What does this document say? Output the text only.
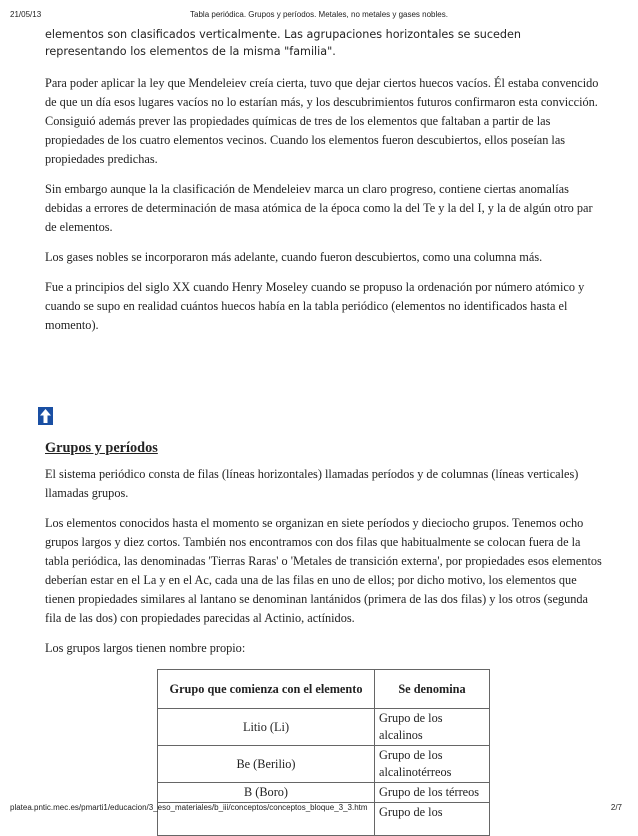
21/05/13	Tabla periódica. Grupos y períodos. Metales, no metales y gases nobles.

elementos son clasificados verticalmente. Las agrupaciones horizontales se suceden representando los elementos de la misma "familia".

Para poder aplicar la ley que Mendeleiev creía cierta, tuvo que dejar ciertos huecos vacíos. Él estaba convencido de que un día esos lugares vacíos no lo estarían más, y los descubrimientos futuros confirmaron esta convicción. Consiguió además prever las propiedades químicas de tres de los elementos que faltaban a partir de las propiedades de los cuatro elementos vecinos. Cuando los elementos fueron descubiertos, ellos poseían las propiedades predichas.

Sin embargo aunque la la clasificación de Mendeleiev marca un claro progreso, contiene ciertas anomalías debidas a errores de determinación de masa atómica de la época como la del Te y la del I, y la de algún otro par de elementos.

Los gases nobles se incorporaron más adelante, cuando fueron descubiertos, como una columna más.

Fue a principios del siglo XX cuando Henry Moseley cuando se propuso la ordenación por número atómico y cuando se supo en realidad cuántos huecos había en la tabla periódico (elementos no identificados hasta el momento).

Grupos y períodos

El sistema periódico consta de filas (líneas horizontales) llamadas períodos y de columnas (líneas verticales) llamadas grupos.

Los elementos conocidos hasta el momento se organizan en siete períodos y dieciocho grupos. Tenemos ocho grupos largos y diez cortos. También nos encontramos con dos filas que habitualmente se colocan fuera de la tabla periódica, las denominadas 'Tierras Raras' o 'Metales de transición externa', por propiedades esos elementos deberían estar en el La y en el Ac, cada una de las filas en uno de ellos; por dicho motivo, los elementos que tienen propiedades similares al lantano se denominan lantánidos (primera de las dos filas) y los otros (segunda fila de las dos) con propiedades parecidas al Actinio, actínidos.

Los grupos largos tienen nombre propio:

Grupo que comienza con el elemento	Se denomina
Litio (Li)	Grupo de los alcalinos
Be (Berilio)	Grupo de los alcalinotérreos
B (Boro)	Grupo de los térreos
	Grupo de los
platea.pntic.mec.es/pmarti1/educacion/3_eso_materiales/b_iii/conceptos/conceptos_bloque_3_3.htm	2/7
